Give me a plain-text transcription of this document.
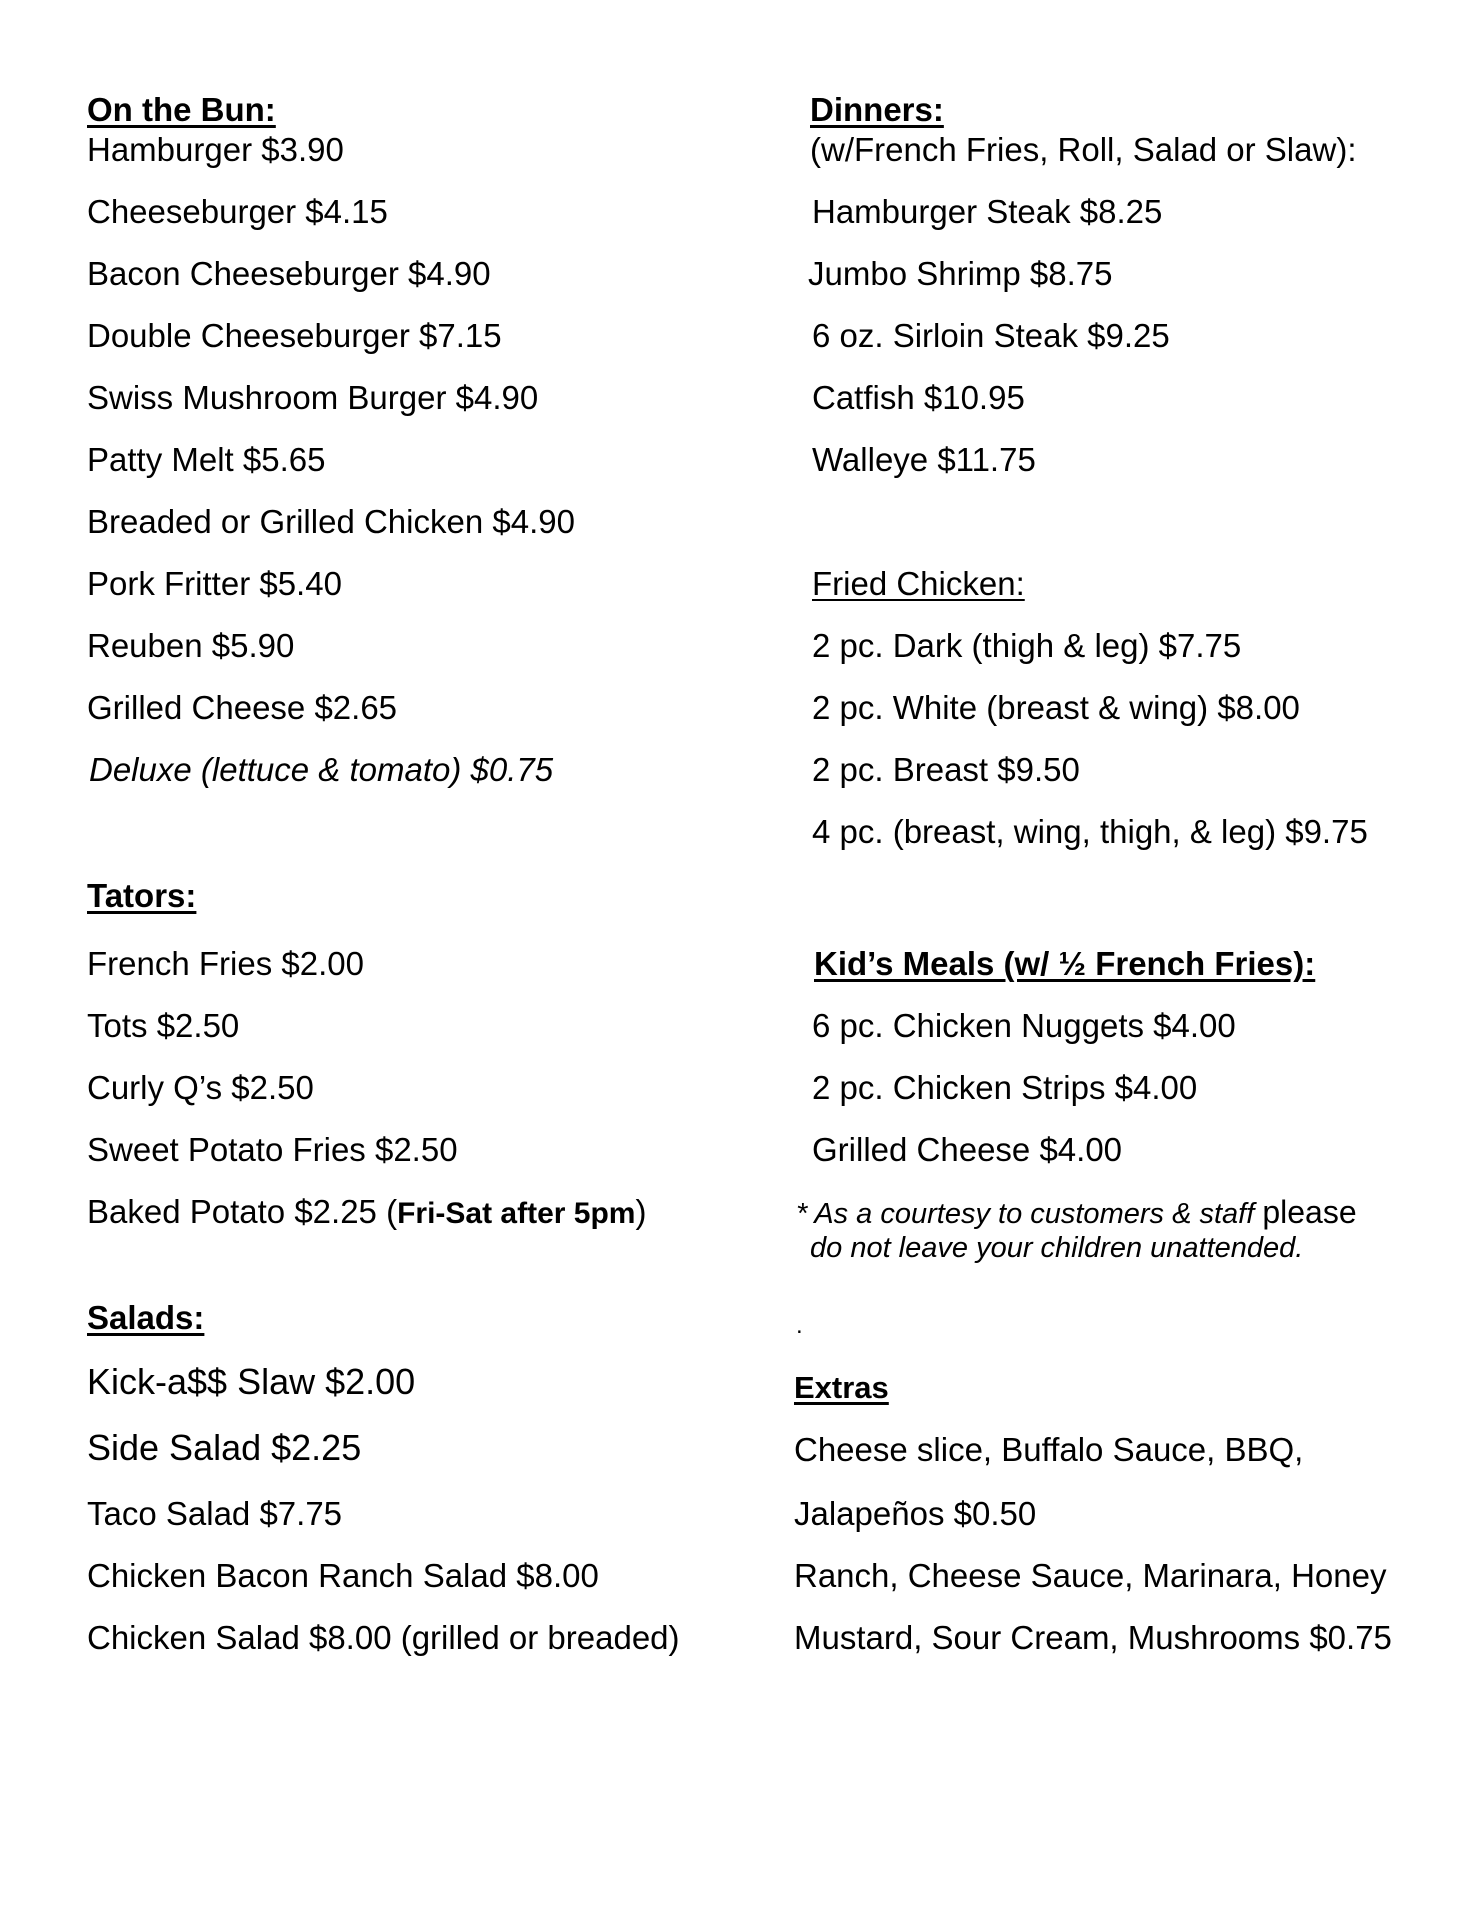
On the Bun:
Hamburger $3.90
Cheeseburger $4.15
Bacon Cheeseburger $4.90
Double Cheeseburger $7.15
Swiss Mushroom Burger $4.90
Patty Melt $5.65
Breaded or Grilled Chicken $4.90
Pork Fritter $5.40
Reuben $5.90
Grilled Cheese $2.65
Deluxe (lettuce & tomato) $0.75
Tators:
French Fries $2.00
Tots $2.50
Curly Q’s $2.50
Sweet Potato Fries $2.50
Baked Potato $2.25 (Fri-Sat after 5pm)
Salads:
Kick-a$$ Slaw $2.00
Side Salad $2.25
Taco Salad $7.75
Chicken Bacon Ranch Salad $8.00
Chicken Salad $8.00 (grilled or breaded)
Dinners:
(w/French Fries, Roll, Salad or Slaw):
Hamburger Steak $8.25
Jumbo Shrimp $8.75
6 oz. Sirloin Steak $9.25
Catfish $10.95
Walleye $11.75
Fried Chicken:
2 pc. Dark (thigh & leg) $7.75
2 pc. White (breast & wing) $8.00
2 pc. Breast $9.50
4 pc. (breast, wing, thigh, & leg) $9.75
Kid’s Meals (w/ ½ French Fries):
6 pc. Chicken Nuggets $4.00
2 pc. Chicken Strips $4.00
Grilled Cheese $4.00
* As a courtesy to customers & staff please
do not leave your children unattended.
.
Extras
Cheese slice, Buffalo Sauce, BBQ,
Jalapeños $0.50
Ranch, Cheese Sauce, Marinara, Honey
Mustard, Sour Cream, Mushrooms $0.75
